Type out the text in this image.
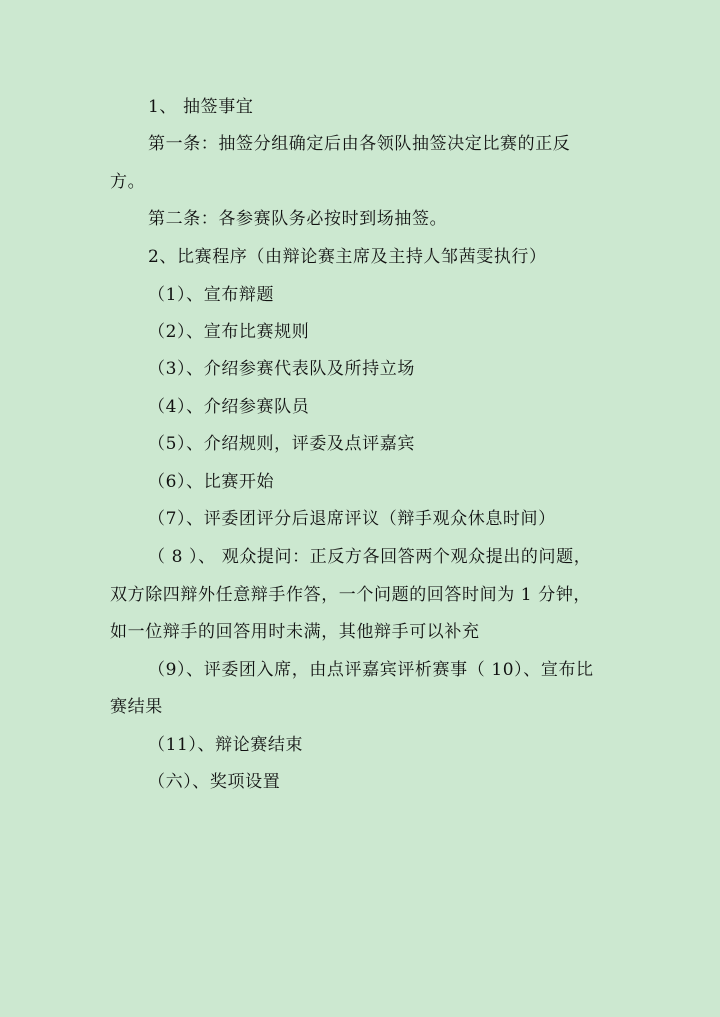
1、 抽签事宜
第一条：抽签分组确定后由各领队抽签决定比赛的正反
方。
第二条：各参赛队务必按时到场抽签。
2、比赛程序（由辩论赛主席及主持人邹茜雯执行）
（1）、宣布辩题
（2）、宣布比赛规则
（3）、介绍参赛代表队及所持立场
（4）、介绍参赛队员
（5）、介绍规则，评委及点评嘉宾
（6）、比赛开始
（7）、评委团评分后退席评议（辩手观众休息时间）
（ 8 ）、 观众提问：正反方各回答两个观众提出的问题，
双方除四辩外任意辩手作答，一个问题的回答时间为 1 分钟，
如一位辩手的回答用时未满，其他辩手可以补充
（9）、评委团入席，由点评嘉宾评析赛事（ 10）、宣布比
赛结果
（11）、辩论赛结束
（六）、奖项设置
